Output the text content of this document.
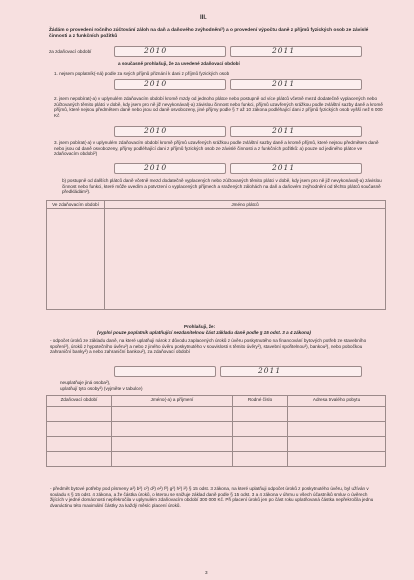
III.
Žádám o provedení ročního zúčtování záloh na daň a daňového zvýhodnění²) a o provedení výpočtu daně z příjmů fyzických osob ze závislé činnosti a z funkčních požitků
za zdaňovací období	2010	2011
a současně prohlašuji, že za uvedené zdaňovací období
1. nejsem poplatník(-ná) podle za svých příjmů přiznání k dani z příjmů fyzických osob
2010	2011
2. jsem nepobírat(-a) v uplynulém zdaňovacím období kromě mzdy od jednoho plátce nebo postupně od více plátců včetně mezd dodatečně vyplacených nebo zúčtovaných těmito plátci v době, kdy jsem pro ně již nevykonával(-a) závislou činnost nebo funkci, příjmů uzavřených srážkou podle zvláštní sazby daně a kromě příjmů, které nejsou předmětem daně nebo jsou od daně osvobozeny, jiné příjmy podle § 7 až 10 zákona podléhající dani z příjmů fyzických osob vyšší než 6 000 Kč
2010	2011
3. jsem pobírat(-a) v uplynulém zdaňovacím období kromě příjmů uzavřených srážkou podle zvláštní sazby daně a kromě příjmů, které nejsou předmětem daně nebo jsou od daně osvobozeny, příjmy podléhající dani z příjmů fyzických osob ze závislé činnosti a z funkčních požitků: a) pouze od jediného plátce ve zdaňovacím období²)
2010	2011
b) postupně od dalších plátců daně včetně mezd dodatečně vyplacených nebo zúčtovaných těmito plátci v době, kdy jsem pro ně již nevykonával(-a) závislou činnost nebo funkci, které může uvedím a potvrzení o vyplacených příjmech a sražených zálohách na daň a daňovém zvýhodnění od těchto plátců současně předkládám²).
Ve zdaňovacím období	Jméno plátců

Prohlašuji, že:
(vyplní pouze poplatník uplatňující nezdanitelnou část základu daně podle § 15 odst. 3 a 4 zákona)
- odpočet úroků ze základu daně, na které uplatňuji nárok z důvodu zaplacených úroků z úvěru poskytnutého na financování bytových potřeb ze stavebního spoření²), úroků z hypotečního úvěru²) a nebo z jiného úvěru poskytnutého v souvislosti s těmito úvěry²), stavební spořitelnou²), bankou²), nebo pobočkou zahraniční banky²) a nebo zahraniční bankou²), za zdaňovací období
2011
neuplatňuje jiná osoba²),
uplatňují tyto osoby²) (vyjměte v tabulce)
Zdaňovací období	Jméno(-a) a příjmení	Rodné číslo	Adresa trvalého pobytu

- předmět bytové potřeby pod písmeny a²) b²) c²) d²) e²) f²) g²) h²) i²) § 15 odst. 3 zákona, na které uplatňuji odpočet úroků z poskytnutého úvěru, byl užíván v souladu s § 15 odst. 4 zákona, a že částka úroků, o kterou se snižuje základ daně podle § 15 odst. 3 a 4 zákona v úhrnu u všech účastníků smluv o úvěrech žijících v jedné domácnosti nepřekročila v uplynulém zdaňovacím období 300 000 Kč. Při placení úroků jen po část roku uplatňovaná částka nepřekročila jednu dvanáctinu této maximální částky za každý měsíc placení úroků.
3
